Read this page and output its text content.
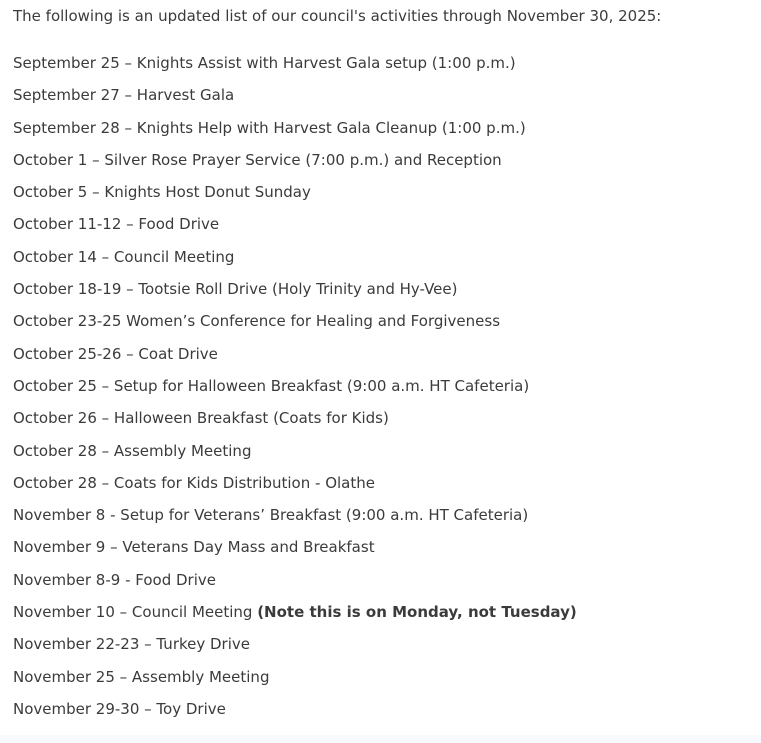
The following is an updated list of our council's activities through November 30, 2025:

September 25 – Knights Assist with Harvest Gala setup (1:00 p.m.)

September 27 – Harvest Gala

September 28 – Knights Help with Harvest Gala Cleanup (1:00 p.m.)

October 1 – Silver Rose Prayer Service (7:00 p.m.) and Reception

October 5 – Knights Host Donut Sunday

October 11-12 – Food Drive

October 14 – Council Meeting

October 18-19 – Tootsie Roll Drive (Holy Trinity and Hy-Vee)

October 23-25 Women’s Conference for Healing and Forgiveness

October 25-26 – Coat Drive

October 25 – Setup for Halloween Breakfast (9:00 a.m. HT Cafeteria)

October 26 – Halloween Breakfast (Coats for Kids)

October 28 – Assembly Meeting

October 28 – Coats for Kids Distribution - Olathe

November 8 - Setup for Veterans’ Breakfast (9:00 a.m. HT Cafeteria)

November 9 – Veterans Day Mass and Breakfast

November 8-9 - Food Drive

November 10 – Council Meeting (Note this is on Monday, not Tuesday)

November 22-23 – Turkey Drive

November 25 – Assembly Meeting

November 29-30 – Toy Drive
